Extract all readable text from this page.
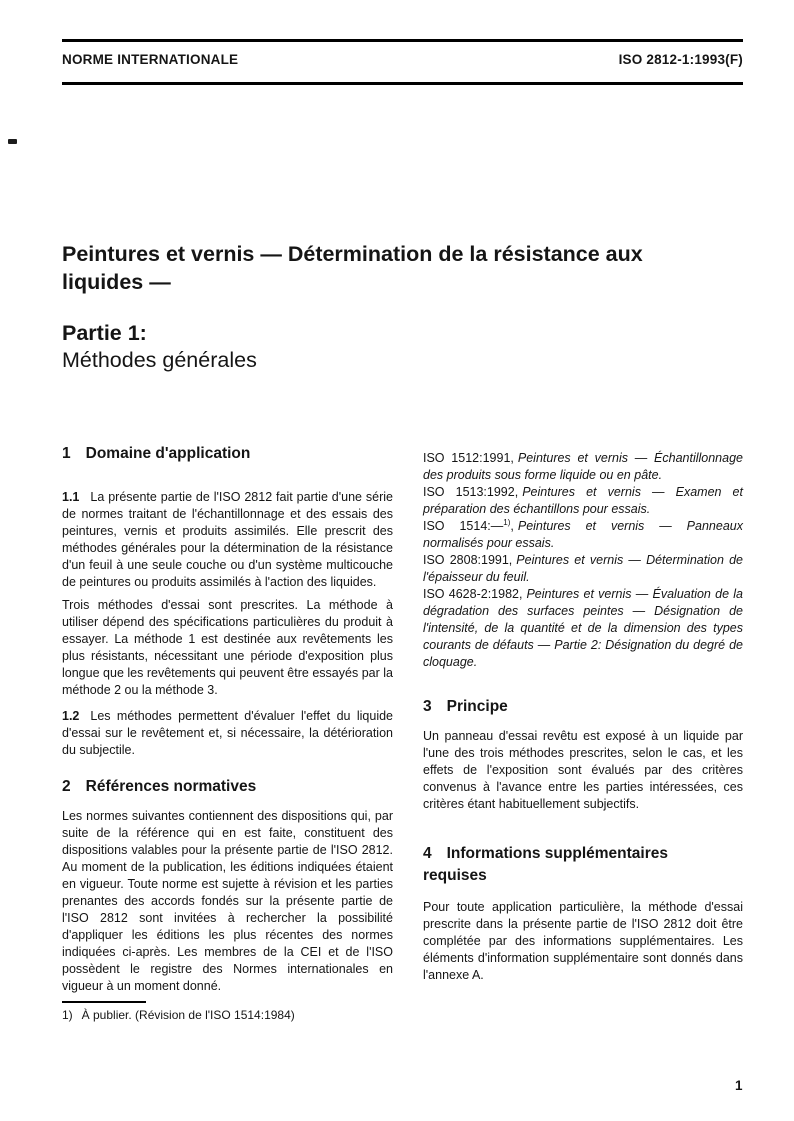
NORME INTERNATIONALE	ISO 2812-1:1993(F)
Peintures et vernis — Détermination de la résistance aux liquides —
Partie 1:
Méthodes générales
1 Domaine d'application

1.1 La présente partie de l'ISO 2812 fait partie d'une série de normes traitant de l'échantillonnage et des essais des peintures, vernis et produits assimilés. Elle prescrit des méthodes générales pour la détermination de la résistance d'un feuil à une seule couche ou d'un système multicouche de peintures ou produits assimilés à l'action des liquides.

Trois méthodes d'essai sont prescrites. La méthode à utiliser dépend des spécifications particulières du produit à essayer. La méthode 1 est destinée aux revêtements les plus résistants, nécessitant une période d'exposition plus longue que les revêtements qui peuvent être essayés par la méthode 2 ou la méthode 3.

1.2 Les méthodes permettent d'évaluer l'effet du liquide d'essai sur le revêtement et, si nécessaire, la détérioration du subjectile.

2 Références normatives

Les normes suivantes contiennent des dispositions qui, par suite de la référence qui en est faite, constituent des dispositions valables pour la présente partie de l'ISO 2812. Au moment de la publication, les éditions indiquées étaient en vigueur. Toute norme est sujette à révision et les parties prenantes des accords fondés sur la présente partie de l'ISO 2812 sont invitées à rechercher la possibilité d'appliquer les éditions les plus récentes des normes indiquées ci-après. Les membres de la CEI et de l'ISO possèdent le registre des Normes internationales en vigueur à un moment donné.

1) À publier. (Révision de l'ISO 1514:1984)

ISO 1512:1991, Peintures et vernis — Échantillonnage des produits sous forme liquide ou en pâte.

ISO 1513:1992, Peintures et vernis — Examen et préparation des échantillons pour essais.

ISO 1514:—$^{1)}$, Peintures et vernis — Panneaux normalisés pour essais.

ISO 2808:1991, Peintures et vernis — Détermination de l'épaisseur du feuil.

ISO 4628-2:1982, Peintures et vernis — Évaluation de la dégradation des surfaces peintes — Désignation de l'intensité, de la quantité et de la dimension des types courants de défauts — Partie 2: Désignation du degré de cloquage.

3 Principe

Un panneau d'essai revêtu est exposé à un liquide par l'une des trois méthodes prescrites, selon le cas, et les effets de l'exposition sont évalués par des critères convenus à l'avance entre les parties intéressées, ces critères étant habituellement subjectifs.

4 Informations supplémentaires requises

Pour toute application particulière, la méthode d'essai prescrite dans la présente partie de l'ISO 2812 doit être complétée par des informations supplémentaires. Les éléments d'information supplémentaire sont donnés dans l'annexe A.

1
